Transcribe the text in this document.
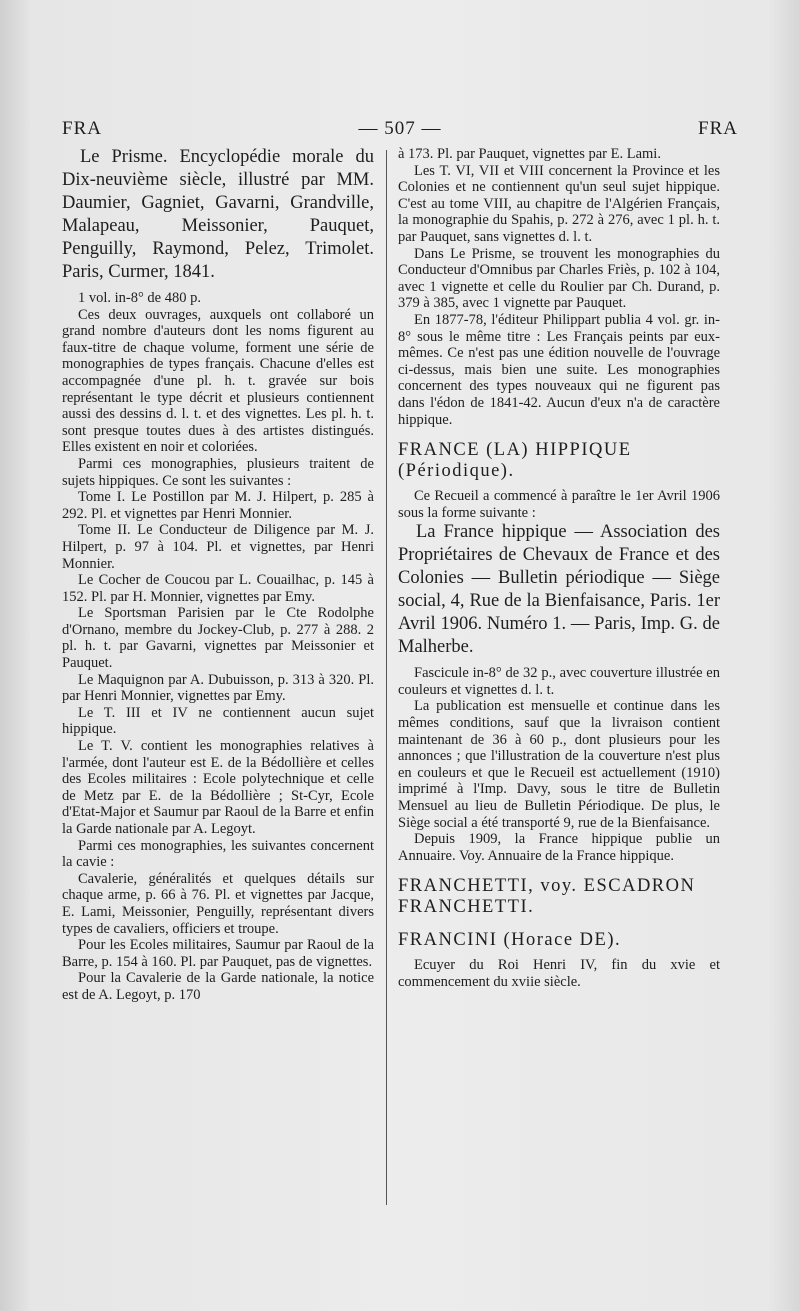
FRA	— 507 —	FRA

Le Prisme. Encyclopédie morale du Dix-neuvième siècle, illustré par MM. Daumier, Gagniet, Gavarni, Grandville, Malapeau, Meissonier, Pauquet, Penguilly, Raymond, Pelez, Trimolet. Paris, Curmer, 1841.

1 vol. in-8° de 480 p.

Ces deux ouvrages, auxquels ont collaboré un grand nombre d'auteurs dont les noms figurent au faux-titre de chaque volume, forment une série de monographies de types français. Chacune d'elles est accompagnée d'une pl. h. t. gravée sur bois représentant le type décrit et plusieurs contiennent aussi des dessins d. l. t. et des vignettes. Les pl. h. t. sont presque toutes dues à des artistes distingués. Elles existent en noir et coloriées.

Parmi ces monographies, plusieurs traitent de sujets hippiques. Ce sont les suivantes :

Tome I. Le Postillon par M. J. Hilpert, p. 285 à 292. Pl. et vignettes par Henri Monnier.

Tome II. Le Conducteur de Diligence par M. J. Hilpert, p. 97 à 104. Pl. et vignettes, par Henri Monnier.

Le Cocher de Coucou par L. Couailhac, p. 145 à 152. Pl. par H. Monnier, vignettes par Emy.

Le Sportsman Parisien par le Cte Rodolphe d'Ornano, membre du Jockey-Club, p. 277 à 288. 2 pl. h. t. par Gavarni, vignettes par Meissonier et Pauquet.

Le Maquignon par A. Dubuisson, p. 313 à 320. Pl. par Henri Monnier, vignettes par Emy.

Le T. III et IV ne contiennent aucun sujet hippique.

Le T. V. contient les monographies relatives à l'armée, dont l'auteur est E. de la Bédollière et celles des Ecoles militaires : Ecole polytechnique et celle de Metz par E. de la Bédollière ; St-Cyr, Ecole d'Etat-Major et Saumur par Raoul de la Barre et enfin la Garde nationale par A. Legoyt.

Parmi ces monographies, les suivantes concernent la cavie :

Cavalerie, généralités et quelques détails sur chaque arme, p. 66 à 76. Pl. et vignettes par Jacque, E. Lami, Meissonier, Penguilly, représentant divers types de cavaliers, officiers et troupe.

Pour les Ecoles militaires, Saumur par Raoul de la Barre, p. 154 à 160. Pl. par Pauquet, pas de vignettes.

Pour la Cavalerie de la Garde nationale, la notice est de A. Legoyt, p. 170

à 173. Pl. par Pauquet, vignettes par E. Lami.

Les T. VI, VII et VIII concernent la Province et les Colonies et ne contiennent qu'un seul sujet hippique. C'est au tome VIII, au chapitre de l'Algérien Français, la monographie du Spahis, p. 272 à 276, avec 1 pl. h. t. par Pauquet, sans vignettes d. l. t.

Dans Le Prisme, se trouvent les monographies du Conducteur d'Omnibus par Charles Friès, p. 102 à 104, avec 1 vignette et celle du Roulier par Ch. Durand, p. 379 à 385, avec 1 vignette par Pauquet.

En 1877-78, l'éditeur Philippart publia 4 vol. gr. in-8° sous le même titre : Les Français peints par eux-mêmes. Ce n'est pas une édition nouvelle de l'ouvrage ci-dessus, mais bien une suite. Les monographies concernent des types nouveaux qui ne figurent pas dans l'édon de 1841-42. Aucun d'eux n'a de caractère hippique.

FRANCE (LA) HIPPIQUE (Périodique).

Ce Recueil a commencé à paraître le 1er Avril 1906 sous la forme suivante :

La France hippique — Association des Propriétaires de Chevaux de France et des Colonies — Bulletin périodique — Siège social, 4, Rue de la Bienfaisance, Paris. 1er Avril 1906. Numéro 1. — Paris, Imp. G. de Malherbe.

Fascicule in-8° de 32 p., avec couverture illustrée en couleurs et vignettes d. l. t.

La publication est mensuelle et continue dans les mêmes conditions, sauf que la livraison contient maintenant de 36 à 60 p., dont plusieurs pour les annonces ; que l'illustration de la couverture n'est plus en couleurs et que le Recueil est actuellement (1910) imprimé à l'Imp. Davy, sous le titre de Bulletin Mensuel au lieu de Bulletin Périodique. De plus, le Siège social a été transporté 9, rue de la Bienfaisance.

Depuis 1909, la France hippique publie un Annuaire. Voy. Annuaire de la France hippique.

FRANCHETTI, voy. ESCADRON FRANCHETTI.

FRANCINI (Horace DE).

Ecuyer du Roi Henri IV, fin du xvie et commencement du xviie siècle.
